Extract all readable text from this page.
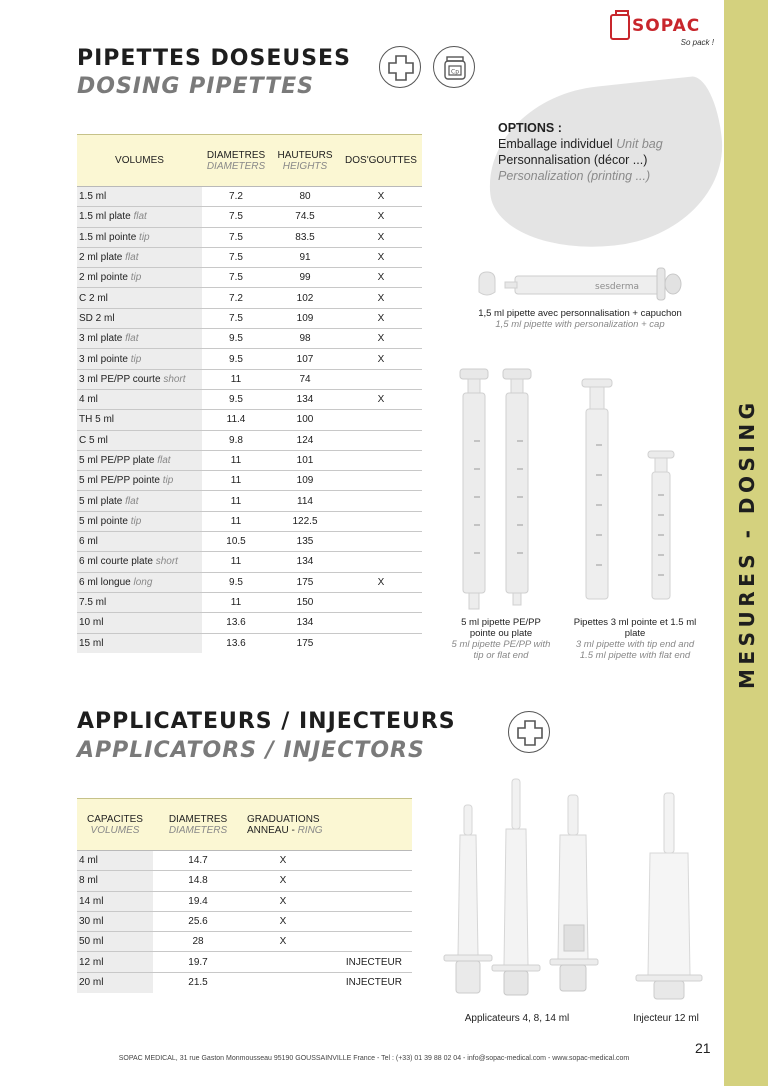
MESURES - DOSING
SOPAC
So pack !
PIPETTES DOSEUSES
DOSING PIPETTES
Cp
VOLUMES	DIAMETRES
DIAMETERS	HAUTEURS
HEIGHTS	DOS'GOUTTES
1.5 ml	7.2	80	X
1.5 ml plate flat	7.5	74.5	X
1.5 ml pointe tip	7.5	83.5	X
2 ml plate flat	7.5	91	X
2 ml pointe tip	7.5	99	X
C 2 ml	7.2	102	X
SD 2 ml	7.5	109	X
3 ml plate flat	9.5	98	X
3 ml pointe tip	9.5	107	X
3 ml PE/PP courte short	11	74	
4 ml	9.5	134	X
TH 5 ml	11.4	100	
C 5 ml	9.8	124	
5 ml PE/PP plate flat	11	101	
5 ml PE/PP pointe tip	11	109	
5 ml plate flat	11	114	
5 ml pointe tip	11	122.5	
6 ml	10.5	135	
6 ml courte plate short	11	134	
6 ml longue long	9.5	175	X
7.5 ml	11	150	
10 ml	13.6	134	
15 ml	13.6	175	
OPTIONS :
Emballage individuel Unit bag
Personnalisation (décor ...)
Personalization (printing ...)
sesderma
1,5 ml pipette avec personnalisation + capuchon
1,5 ml pipette with personalization + cap
5 ml pipette PE/PP pointe ou plate
5 ml pipette PE/PP with tip or flat end
Pipettes 3 ml pointe et 1.5 ml plate
3 ml pipette with tip end and 1.5 ml pipette with flat end
APPLICATEURS / INJECTEURS
APPLICATORS / INJECTORS
CAPACITES
VOLUMES	DIAMETRES
DIAMETERS	GRADUATIONS ANNEAU - RING	
4 ml	14.7	X	
8 ml	14.8	X	
14 ml	19.4	X	
30 ml	25.6	X	
50 ml	28	X	
12 ml	19.7		INJECTEUR
20 ml	21.5		INJECTEUR
Applicateurs 4, 8, 14 ml	Injecteur 12 ml
21
SOPAC MEDICAL, 31 rue Gaston Monmousseau 95190 GOUSSAINVILLE France - Tel : (+33) 01 39 88 02 04 - info@sopac-medical.com - www.sopac-medical.com
